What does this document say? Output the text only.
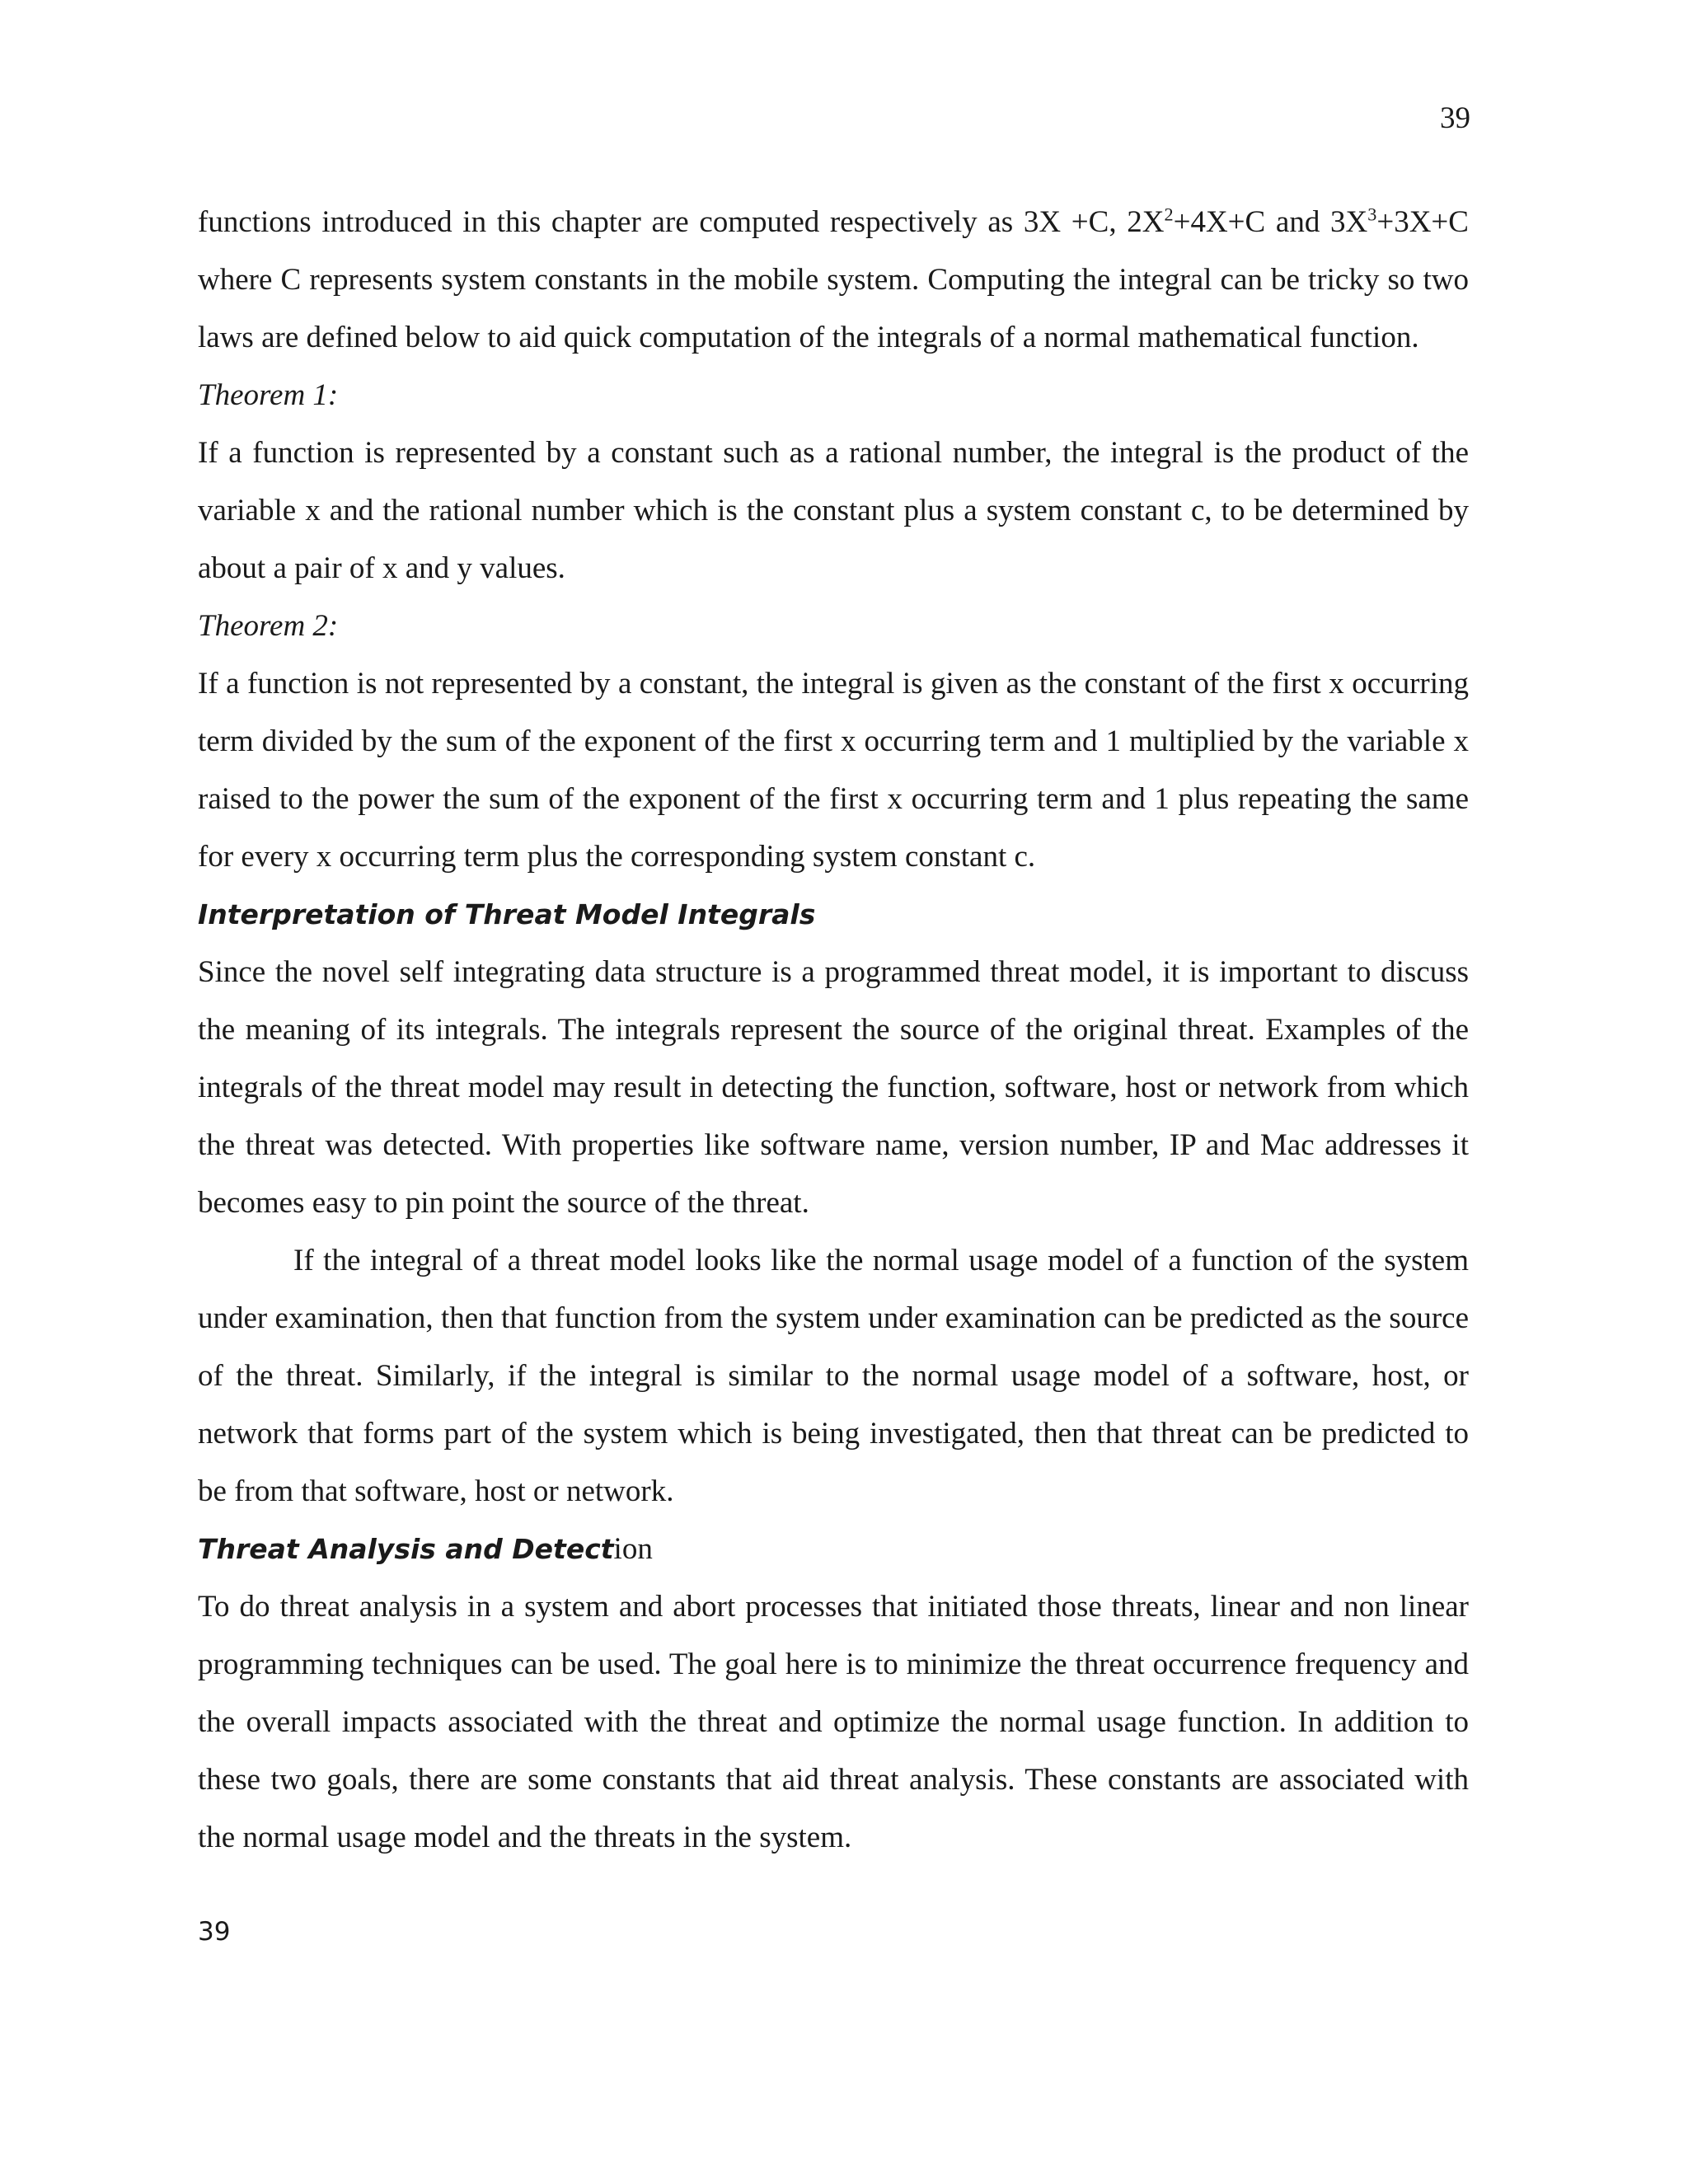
39

functions introduced in this chapter are computed respectively as 3X +C, $2X^2+4X+C$ and $3X^3+3X+C$ where C represents system constants in the mobile system. Computing the integral can be tricky so two laws are defined below to aid quick computation of the integrals of a normal mathematical function.

Theorem 1:

If a function is represented by a constant such as a rational number, the integral is the product of the variable x and the rational number which is the constant plus a system constant c, to be determined by about a pair of x and y values.

Theorem 2:

If a function is not represented by a constant, the integral is given as the constant of the first x occurring term divided by the sum of the exponent of the first x occurring term and 1 multiplied by the variable x raised to the power the sum of the exponent of the first x occurring term and 1 plus repeating the same for every x occurring term plus the corresponding system constant c.

Interpretation of Threat Model Integrals

Since the novel self integrating data structure is a programmed threat model, it is important to discuss the meaning of its integrals. The integrals represent the source of the original threat. Examples of the integrals of the threat model may result in detecting the function, software, host or network from which the threat was detected. With properties like software name, version number, IP and Mac addresses it becomes easy to pin point the source of the threat.

If the integral of a threat model looks like the normal usage model of a function of the system under examination, then that function from the system under examination can be predicted as the source of the threat. Similarly, if the integral is similar to the normal usage model of a software, host, or network that forms part of the system which is being investigated, then that threat can be predicted to be from that software, host or network.

Threat Analysis and Detection

To do threat analysis in a system and abort processes that initiated those threats, linear and non linear programming techniques can be used. The goal here is to minimize the threat occurrence frequency and the overall impacts associated with the threat and optimize the normal usage function. In addition to these two goals, there are some constants that aid threat analysis. These constants are associated with the normal usage model and the threats in the system.

39
